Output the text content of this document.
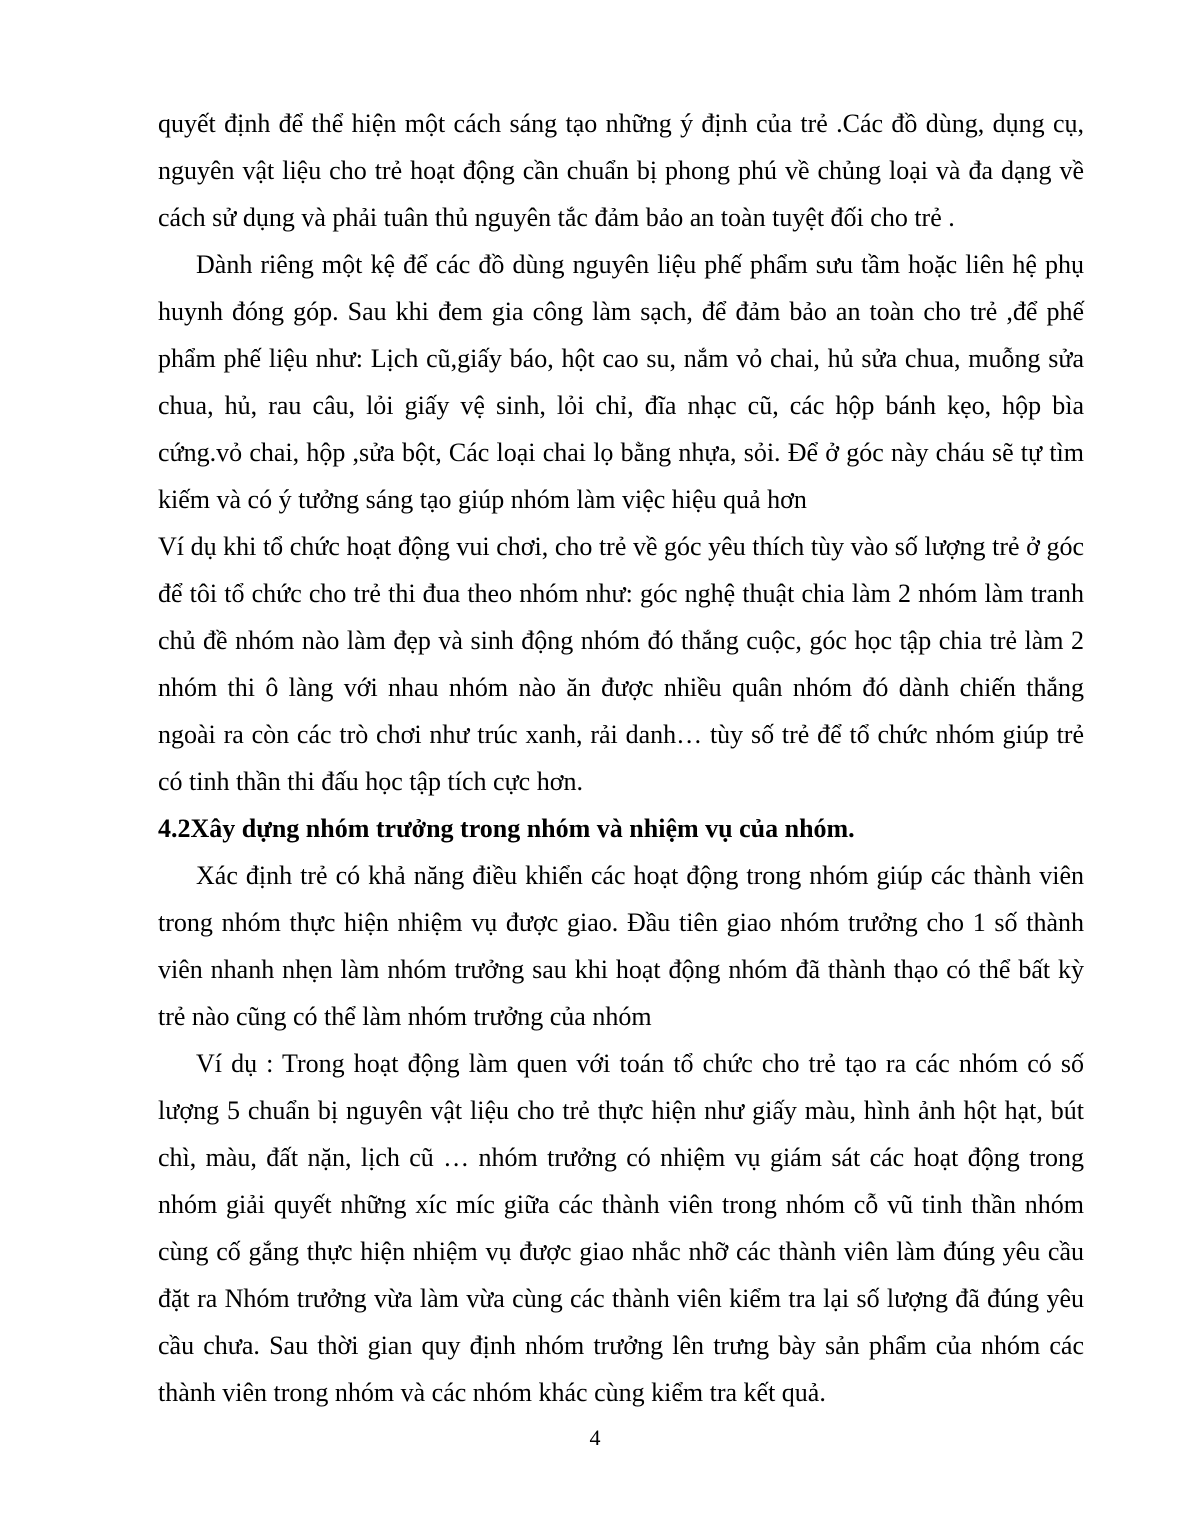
quyết định để thể hiện một cách sáng tạo những ý định của trẻ .Các đồ dùng, dụng cụ, nguyên vật liệu cho trẻ hoạt động cần chuẩn bị phong phú về chủng loại và đa dạng về cách sử dụng và phải tuân thủ nguyên tắc đảm bảo an toàn tuyệt đối cho trẻ .

Dành riêng một kệ để các đồ dùng nguyên liệu phế phẩm sưu tầm hoặc liên hệ phụ huynh đóng góp. Sau khi đem gia công làm sạch, để đảm bảo an toàn cho trẻ ,để phế phẩm phế liệu như: Lịch cũ,giấy báo, hột cao su, nắm vỏ chai, hủ sửa chua, muỗng sửa chua, hủ, rau câu, lỏi giấy vệ sinh, lỏi chỉ, đĩa nhạc cũ, các hộp bánh kẹo, hộp bìa cứng.vỏ chai, hộp ,sửa bột, Các loại chai lọ bằng nhựa, sỏi. Để ở góc này cháu sẽ tự tìm kiếm và có ý tưởng sáng tạo giúp nhóm làm việc hiệu quả hơn

Ví dụ khi tổ chức hoạt động vui chơi, cho trẻ về góc yêu thích tùy vào số lượng trẻ ở góc để tôi tổ chức cho trẻ thi đua theo nhóm như: góc nghệ thuật chia làm 2 nhóm làm tranh chủ đề nhóm nào làm đẹp và sinh động nhóm đó thắng cuộc, góc học tập chia trẻ làm 2 nhóm thi ô làng với nhau nhóm nào ăn được nhiều quân nhóm đó dành chiến thắng ngoài ra còn các trò chơi như trúc xanh, rải danh… tùy số trẻ để tổ chức nhóm giúp trẻ có tinh thần thi đấu học tập tích cực hơn.

4.2Xây dựng nhóm trưởng trong nhóm và nhiệm vụ của nhóm.

Xác định trẻ có khả năng điều khiển các hoạt động trong nhóm giúp các thành viên trong nhóm thực hiện nhiệm vụ được giao. Đầu tiên giao nhóm trưởng cho 1 số thành viên nhanh nhẹn làm nhóm trưởng sau khi hoạt động nhóm đã thành thạo có thể bất kỳ trẻ nào cũng có thể làm nhóm trưởng của nhóm

Ví dụ : Trong hoạt động làm quen với toán tổ chức cho trẻ tạo ra các nhóm có số lượng 5 chuẩn bị nguyên vật liệu cho trẻ thực hiện như giấy màu, hình ảnh hột hạt, bút chì, màu, đất nặn, lịch cũ … nhóm trưởng có nhiệm vụ giám sát các hoạt động trong nhóm giải quyết những xíc míc giữa các thành viên trong nhóm cỗ vũ tinh thần nhóm cùng cố gắng thực hiện nhiệm vụ được giao nhắc nhỡ các thành viên làm đúng yêu cầu đặt ra Nhóm trưởng vừa làm vừa cùng các thành viên kiểm tra lại số lượng đã đúng yêu cầu chưa. Sau thời gian quy định nhóm trưởng lên trưng bày sản phẩm của nhóm các thành viên trong nhóm và các nhóm khác cùng kiểm tra kết quả.

4
